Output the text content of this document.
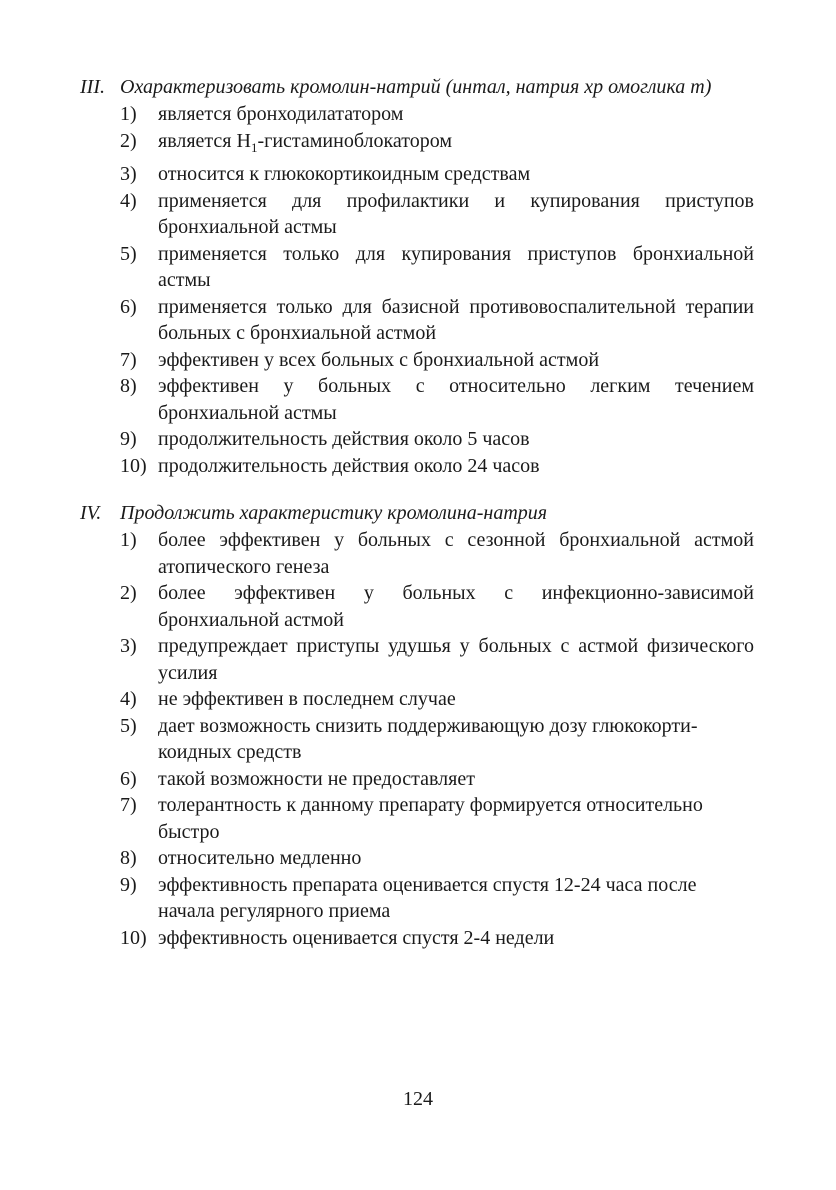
III. Охарактеризовать кромолин-натрий (интал, натрия хр омоглика т)
1)	является бронходилататором
2)	является $H_1$-гистаминоблокатором
3)	относится к глюкокортикоидным средствам
4)	применяется для профилактики и купирования приступов бронхиальной астмы
5)	применяется только для купирования приступов бронхиальной астмы
6)	применяется только для базисной противовоспалительной терапии больных с бронхиальной астмой
7)	эффективен у всех больных с бронхиальной астмой
8)	эффективен у больных с относительно легким течением бронхиальной астмы
9)	продолжительность действия около 5 часов
10) продолжительность действия около 24 часов
IV. Продолжить характеристику кромолина-натрия
1)	более эффективен у больных с сезонной бронхиальной астмой атопического генеза
2)	более эффективен у больных с инфекционно-зависимой бронхиальной астмой
3)	предупреждает приступы удушья у больных с астмой физического усилия
4)	не эффективен в последнем случае
5)	дает возможность снизить поддерживающую дозу глюкокорти-коидных средств
6)	такой возможности не предоставляет
7)	толерантность к данному препарату формируется относительно быстро
8)	относительно медленно
9)	эффективность препарата оценивается спустя 12-24 часа после начала регулярного приема
10) эффективность оценивается спустя 2-4 недели
124
